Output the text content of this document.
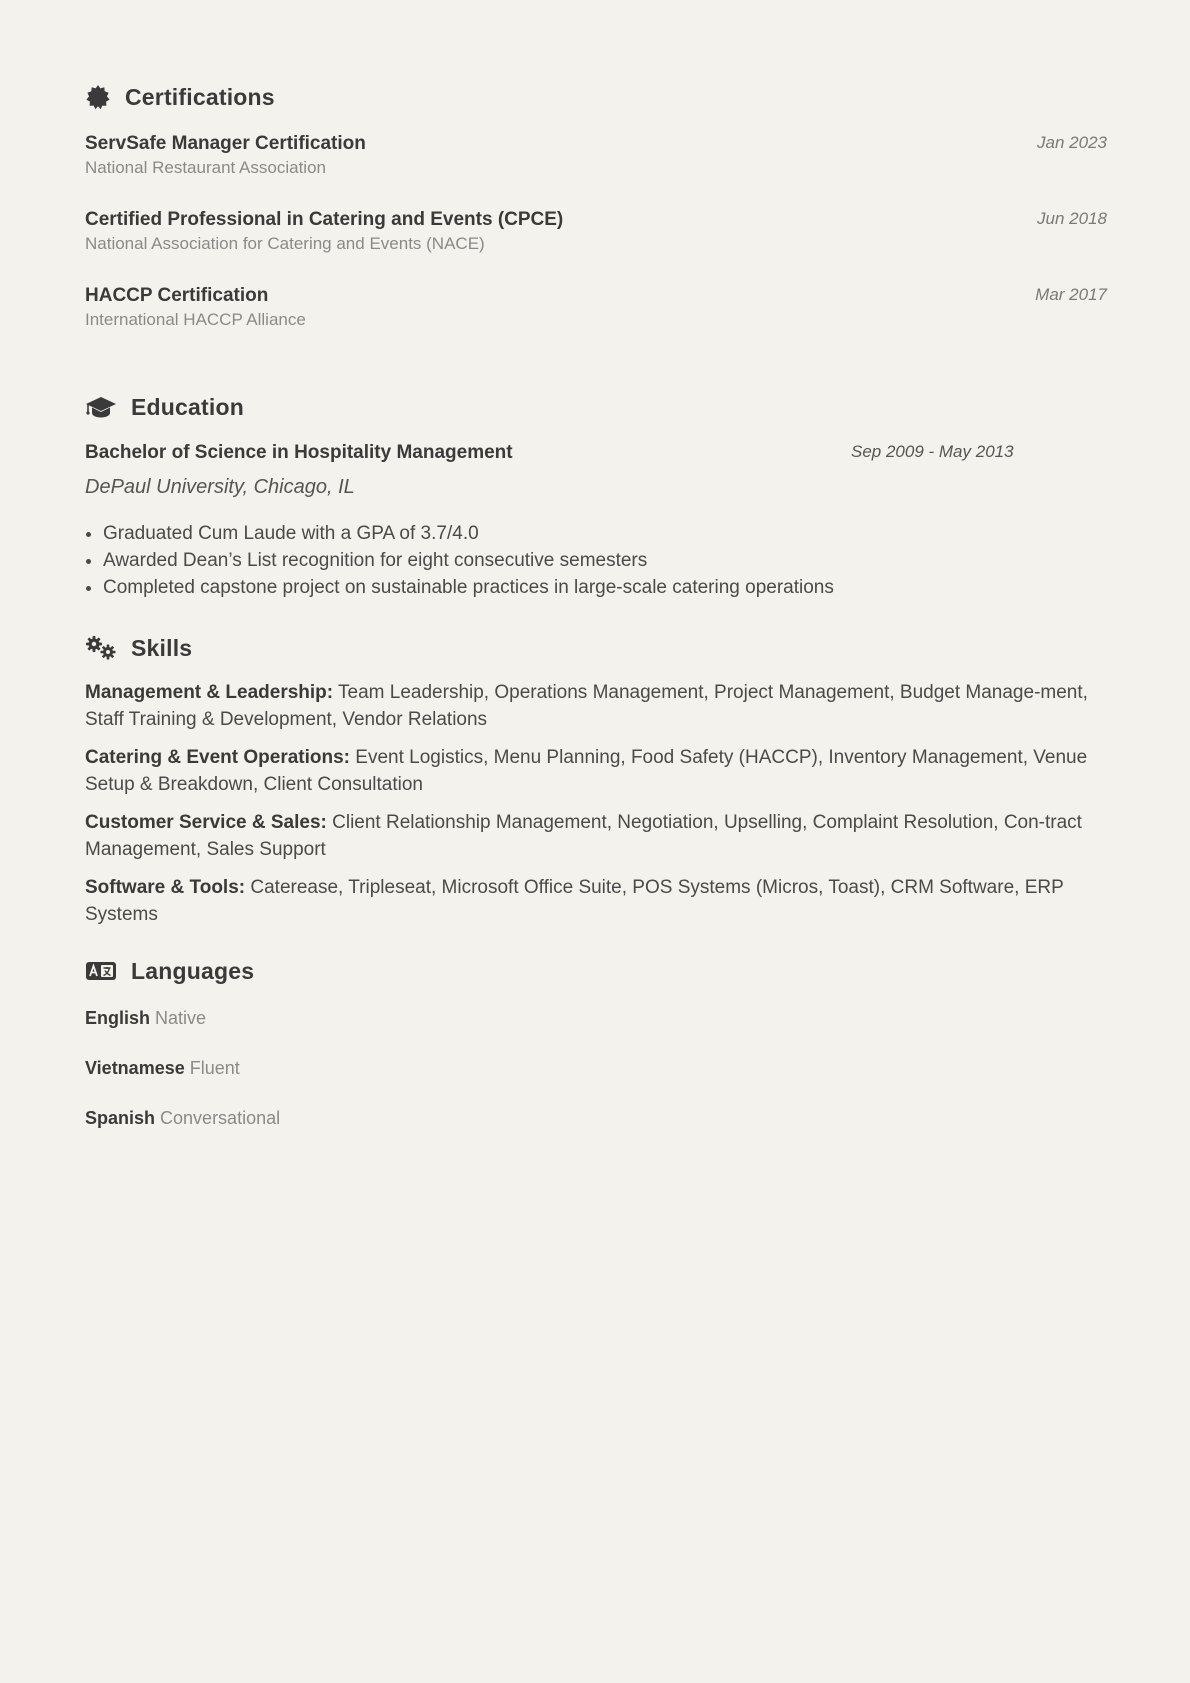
Certifications
ServSafe Manager Certification
National Restaurant Association
Jan 2023
Certified Professional in Catering and Events (CPCE)
National Association for Catering and Events (NACE)
Jun 2018
HACCP Certification
International HACCP Alliance
Mar 2017
Education
Bachelor of Science in Hospitality Management	Sep 2009 - May 2013
DePaul University, Chicago, IL
Graduated Cum Laude with a GPA of 3.7/4.0
Awarded Dean’s List recognition for eight consecutive semesters
Completed capstone project on sustainable practices in large-scale catering operations
Skills
Management & Leadership: Team Leadership, Operations Management, Project Management, Budget Manage-ment, Staff Training & Development, Vendor Relations
Catering & Event Operations: Event Logistics, Menu Planning, Food Safety (HACCP), Inventory Management, Venue Setup & Breakdown, Client Consultation
Customer Service & Sales: Client Relationship Management, Negotiation, Upselling, Complaint Resolution, Con-tract Management, Sales Support
Software & Tools: Caterease, Tripleseat, Microsoft Office Suite, POS Systems (Micros, Toast), CRM Software, ERP Systems
Languages
English Native
Vietnamese Fluent
Spanish Conversational
